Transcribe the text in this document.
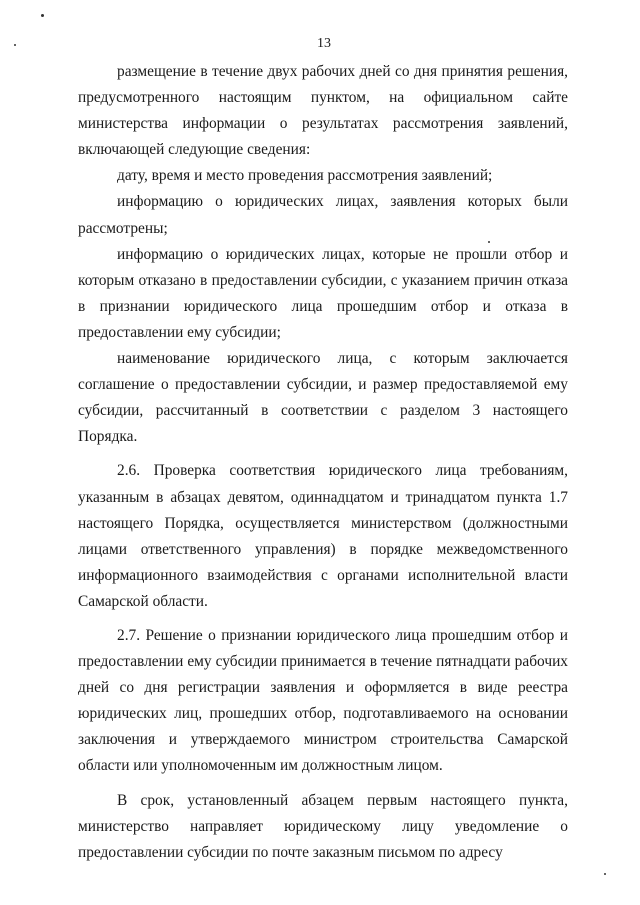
13

размещение в течение двух рабочих дней со дня принятия решения, предусмотренного настоящим пунктом, на официальном сайте министерства информации о результатах рассмотрения заявлений, включающей следующие сведения:

дату, время и место проведения рассмотрения заявлений;

информацию о юридических лицах, заявления которых были рассмотрены;

информацию о юридических лицах, которые не прошли отбор и которым отказано в предоставлении субсидии, с указанием причин отказа в признании юридического лица прошедшим отбор и отказа в предоставлении ему субсидии;

наименование юридического лица, с которым заключается соглашение о предоставлении субсидии, и размер предоставляемой ему субсидии, рассчитанный в соответствии с разделом 3 настоящего Порядка.

2.6. Проверка соответствия юридического лица требованиям, указанным в абзацах девятом, одиннадцатом и тринадцатом пункта 1.7 настоящего Порядка, осуществляется министерством (должностными лицами ответственного управления) в порядке межведомственного информационного взаимодействия с органами исполнительной власти Самарской области.

2.7. Решение о признании юридического лица прошедшим отбор и предоставлении ему субсидии принимается в течение пятнадцати рабочих дней со дня регистрации заявления и оформляется в виде реестра юридических лиц, прошедших отбор, подготавливаемого на основании заключения и утверждаемого министром строительства Самарской области или уполномоченным им должностным лицом.

В срок, установленный абзацем первым настоящего пункта, министерство направляет юридическому лицу уведомление о предоставлении субсидии по почте заказным письмом по адресу
